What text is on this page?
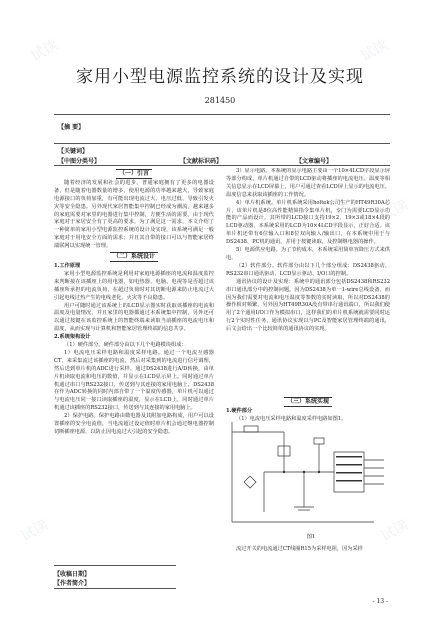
试读	试读
试读
试读	试读
家用小型电源监控系统的设计及实现
281450
【摘 要】
【关键词】
【中图分类号】	【文献标识码】	【文章编号】
（一）引言

随着经济的发展和社会的进步，普通家庭拥有了更多的电器设备，但是随着电器数量的增多，使用电源的功率越来越大，导致家庭电源接口的负荷加重，有可能出现电流过大、电压过低、导致引发火灾等安全隐患。另外现代家居智能集中控制已经成为潮流，越来越多的家庭需要对家里的电器进行集中控制，方便生活的需要。由于现代家庭对于家居安全有了更高的要求，为了满足这一需求，本文介绍了一种简单的家用小型电源监控系统的设计及实现，该系统可满足一般家庭对于用电安全方面的需求；并且其自带的接口可以与智能家居终端联网以实现统一管理。

（二）系统设计

1.工作原理

家用小型电源监控系统是利用对家庭电源插座的电流和温度监控来判断接在该插座上的用电器，如电热器、电脑、电视等是否超过该插座所承担的电流负荷，在超过负荷时对其切断电源来防止电流过大引起电线过热产生的电线老化、火灾等不良隐患。

用户可随时通过该系统上的LCD显示器实时获取该插座的电流和温度及电量情况，并且家里的电器都通过本系统集中控制，另外还可以通过按键在该监控系统上的智能终端来读取当前插座的电流电压和温度，从而实现与计算机和智能家居管理终端的信息共享。

2.系统架构设计

（1）硬件部分。硬件部分由以下几个电路模块组成：

1）电流电压采样电路和温度采样电路。通过一个电流互感器CT，来采集流过该插座的电流，然后对采集到的电流进行信号调理，然后送到单片机的ADC进行采样，通过DS2438进行A/D转换，由单片机读取电流和电压的数值，并显示在LCD显示屏上。同时通过单片机通过串口与RS232接口，传送到与其连接的家用电脑上。DS2438在作为ADC转换的同时内部自带了一个温度传感器，单片机可以通过与电流电压同一接口读取插座的温度，显示在LCD上，同时通过单片机通过该插座的RS232接口，传送到与其连接的家用电脑上。

2）保护电路。保护电路由微电器及其附加电路构成，用户可以设置插座的安全电流值，当电流超过设定值时单片机会通过继电器控制切断插座电源，以防止因电流过大引起的安全隐患。

3）显示电路。本系统的显示电路主要由一个10×4LCD字段显示屏等部分构成，单片机通过自带的LCD驱动将插座的电流电压、温度等相关信息显示在LCD屏幕上，用户可通过查看LCD屏上显示的电流电压、温度信息来获取该插座的工作情况。

4）单片机系统。单片机系统采用holtek公司生产的HT49R30A芯片，该单片机是8位高性能精简指令集单片机，专门为需要LCD显示功能的产品而设计。其所带的LCD接口支持19×2、19×3或18×4段的LCD驱动器，本系统采用的LCD为10×4LCD字段显示，正好合适。该单片机还带有6位输入口和8位双向输入/输出口，在本系统中用于与DS2438、PC机的通讯，并用于按键读取，及控制继电器的操作。

5）电源供应电路。为了节约成本，本系统采用简单容降压方式来供电。

（2）软件部分。软件部分由以下几个部分组成：DS2438驱动、RS232串口通讯驱动、LCD显示驱动、I/O口的控制。

通讯协议的设计及实现：系统中的通讯部分包括DS2438和RS232串口通讯部分中的控制问题。因为DS2438为单一1-wire总线设备，而因为我们需要对电流和电压温度等参数的实时读取，所以对DS2438的操作相对频繁，另外因为HT49R30A没有带串行通讯端口，所以我们使用了2个通用I/O口作为模拟串口，这样我们的单片机系统就需要同时运行2个实时性任务，通讯协议实现以与PC及智能家居管理终端的通讯，后文会给出一个比较简单的通讯协议的实现。

（三）系统实现

1.硬件部分

（1）电流电压采样电路和温度采样电路如图1。

图1

流过开关的电流通过CT线圈R15为采样电阻，因为采样

【收稿日期】
【作者简介】
- 13 -
